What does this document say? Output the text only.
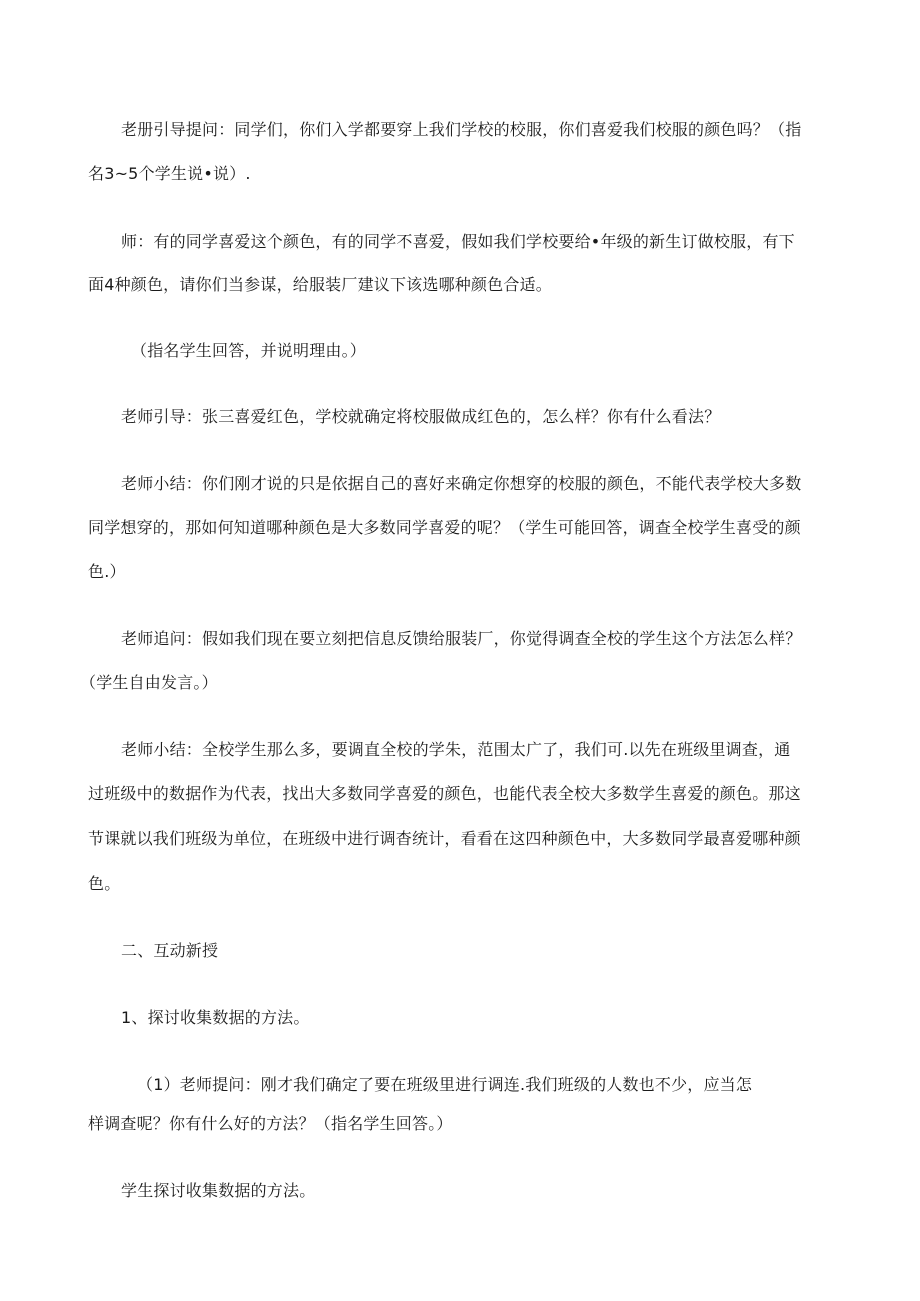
老册引导提问：同学们，你们入学都要穿上我们学校的校服，你们喜爱我们校服的颜色吗？（指
名3~5个学生说•说）.
师：有的同学喜爱这个颜色，有的同学不喜爱，假如我们学校要给•年级的新生订做校服，有下
面4种颜色，请你们当参谋，给服装厂建议下该选哪种颜色合适。
（指名学生回答，并说明理由。）
老师引导：张三喜爱红色，学校就确定将校服做成红色的，怎么样？你有什么看法？
老师小结：你们刚才说的只是依据自己的喜好来确定你想穿的校服的颜色，不能代表学校大多数
同学想穿的，那如何知道哪种颜色是大多数同学喜爱的呢？（学生可能回答，调查全校学生喜受的颜
色.）
老师追问：假如我们现在要立刻把信息反馈给服装厂，你觉得调查全校的学生这个方法怎么样？
（学生自由发言。）
老师小结：全校学生那么多，要调直全校的学朱，范围太广了，我们可.以先在班级里调查，通
过班级中的数据作为代表，找出大多数同学喜爱的颜色，也能代表全校大多数学生喜爱的颜色。那这
节课就以我们班级为单位，在班级中进行调杳统计，看看在这四种颜色中，大多数同学最喜爱哪种颜
色。
二、互动新授
1、探讨收集数据的方法。
（1）老师提问：刚才我们确定了要在班级里进行调连.我们班级的人数也不少，应当怎
样调查呢？你有什么好的方法？（指名学生回答。）
学生探讨收集数据的方法。
